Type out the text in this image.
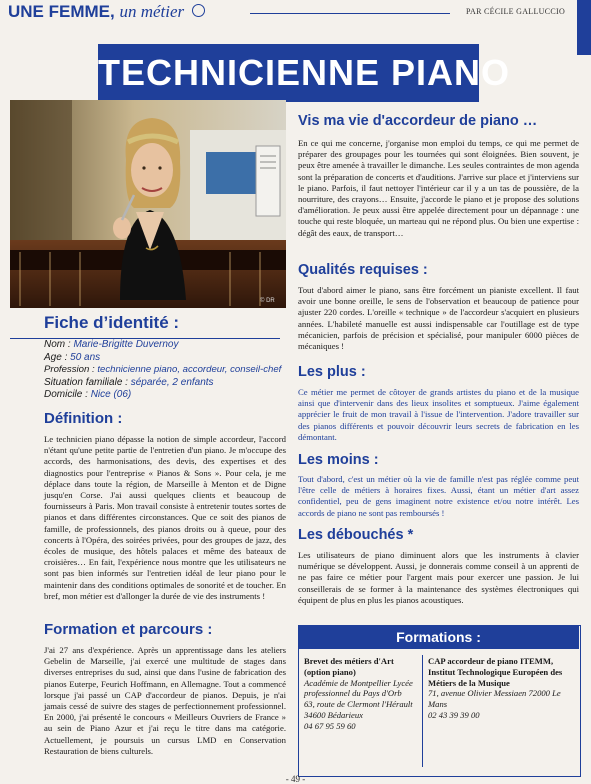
UNE FEMME, un métier	PAR CÉCILE GALLUCCIO
TECHNICIENNE PIANO
© DR
Fiche d’identité :
Nom : Marie-Brigitte Duvernoy
Age : 50 ans
Profession : technicienne piano, accordeur, conseil-chef
Situation familiale : séparée, 2 enfants
Domicile : Nice (06)
Définition :
Le technicien piano dépasse la notion de simple accordeur, l'accord n'étant qu'une petite partie de l'entretien d'un piano. Je m'occupe des accords, des harmonisations, des devis, des expertises et des diagnostics pour l'entreprise « Pianos & Sons ». Pour cela, je me déplace dans toute la région, de Marseille à Menton et de Digne jusqu'en Corse. J'ai aussi quelques clients et beaucoup de fournisseurs à Paris. Mon travail consiste à entretenir toutes sortes de pianos et dans différentes circonstances. Que ce soit des pianos de famille, de professionnels, des pianos droits ou à queue, pour des concerts à l'Opéra, des soirées privées, pour des groupes de jazz, des écoles de musique, des hôtels palaces et même des bateaux de croisières… En fait, l'expérience nous montre que les utilisateurs ne sont pas bien informés sur l'entretien idéal de leur piano pour le maintenir dans des conditions optimales de sonorité et de toucher. En bref, mon métier est d'allonger la durée de vie des instruments !
Formation et parcours :
J'ai 27 ans d'expérience. Après un apprentissage dans les ateliers Gebelin de Marseille, j'ai exercé une multitude de stages dans diverses entreprises du sud, ainsi que dans l'usine de fabrication des pianos Euterpe, Feurich Hoffmann, en Allemagne. Tout a commencé lorsque j'ai passé un CAP d'accordeur de pianos. Depuis, je n'ai jamais cessé de suivre des stages de perfectionnement professionnel. En 2000, j'ai présenté le concours « Meilleurs Ouvriers de France » au sein de Piano Azur et j'ai reçu le titre dans ma catégorie. Actuellement, je poursuis un cursus LMD en Conservation Restauration de biens culturels.
Vis ma vie d'accordeur de piano …
En ce qui me concerne, j'organise mon emploi du temps, ce qui me permet de préparer des groupages pour les tournées qui sont éloignées. Bien souvent, je peux être amenée à travailler le dimanche. Les seules contraintes de mon agenda sont la préparation de concerts et d'auditions. J'arrive sur place et j'interviens sur le piano. Parfois, il faut nettoyer l'intérieur car il y a un tas de poussière, de la nourriture, des crayons… Ensuite, j'accorde le piano et je propose des solutions d'amélioration. Je peux aussi être appelée directement pour un dépannage : une touche qui reste bloquée, un marteau qui ne répond plus. Ou bien une expertise : dégât des eaux, de transport…
Qualités requises :
Tout d'abord aimer le piano, sans être forcément un pianiste excellent. Il faut avoir une bonne oreille, le sens de l'observation et beaucoup de patience pour ajuster 220 cordes. L'oreille « technique » de l'accordeur s'acquiert en plusieurs années. L'habileté manuelle est aussi indispensable car l'outillage est de type mécanicien, parfois de précision et spécialisé, pour manipuler 6000 pièces de mécaniques !
Les plus :
Ce métier me permet de côtoyer de grands artistes du piano et de la musique ainsi que d'intervenir dans des lieux insolites et somptueux. J'aime également apprécier le fruit de mon travail à l'issue de l'intervention. J'adore travailler sur des pianos différents et pouvoir découvrir leurs secrets de fabrication en les démontant.
Les moins :
Tout d'abord, c'est un métier où la vie de famille n'est pas réglée comme peut l'être celle de métiers à horaires fixes. Aussi, étant un métier d'art assez confidentiel, peu de gens imaginent notre existence et/ou notre intérêt. Les accords de piano ne sont pas remboursés !
Les débouchés *
Les utilisateurs de piano diminuent alors que les instruments à clavier numérique se développent. Aussi, je donnerais comme conseil à un apprenti de ne pas faire ce métier pour l'argent mais pour exercer une passion. Je lui conseillerais de se former à la maintenance des systèmes électroniques qui équipent de plus en plus les pianos acoustiques.
Formations :
Brevet des métiers d'Art (option piano)
Académie de Montpellier Lycée professionnel du Pays d'Orb
63, route de Clermont l'Hérault 34600 Bédarieux
04 67 95 59 60
CAP accordeur de piano ITEMM, Institut Technologique Européen des Métiers de la Musique
71, avenue Olivier Messiaen 72000 Le Mans
02 43 39 39 00
- 49 -
